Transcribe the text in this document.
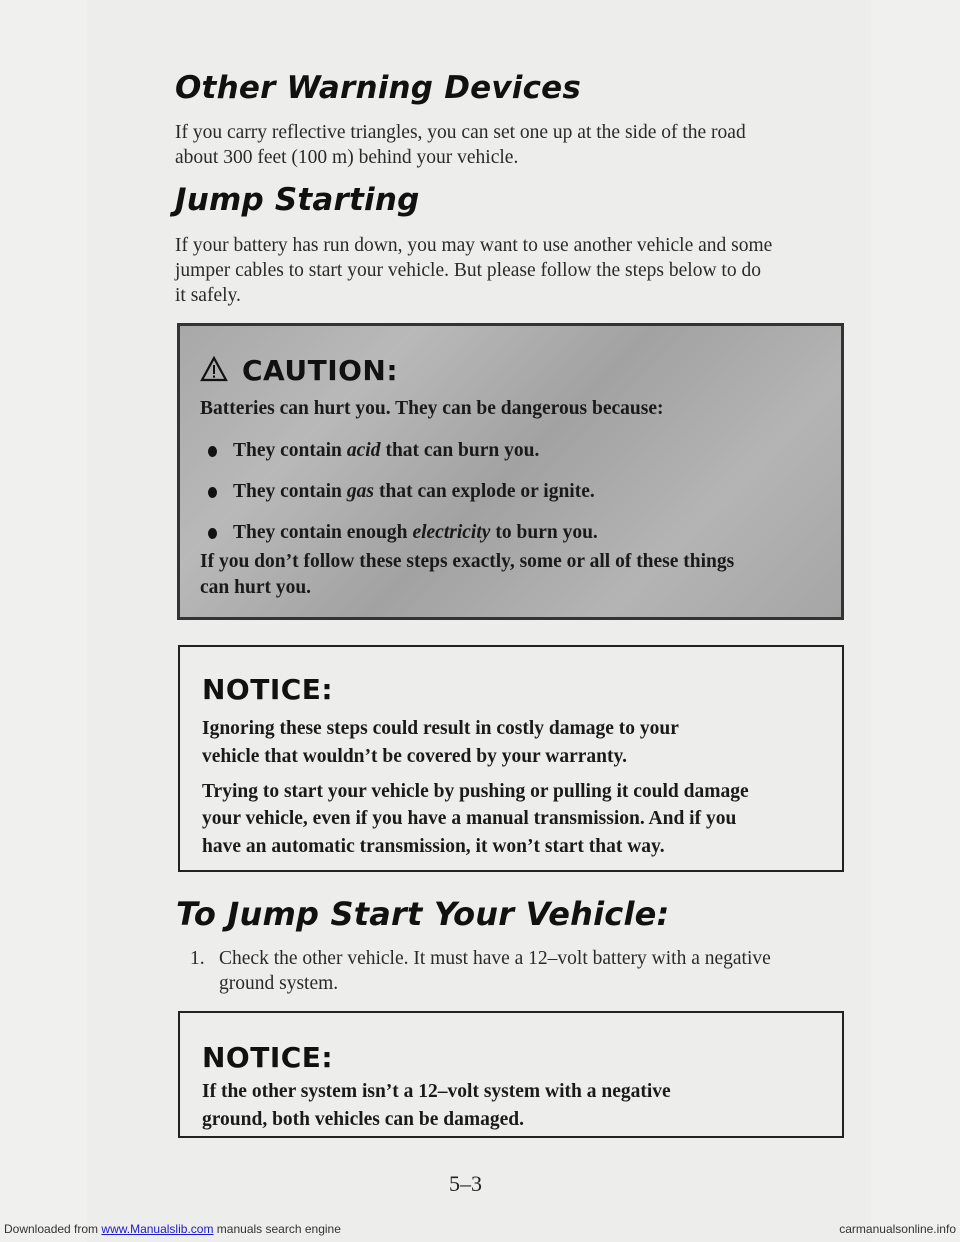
Other Warning Devices

If you carry reflective triangles, you can set one up at the side of the road

about 300 feet (100 m) behind your vehicle.

Jump Starting

If your battery has run down, you may want to use another vehicle and some

jumper cables to start your vehicle. But please follow the steps below to do

it safely.

CAUTION:

Batteries can hurt you. They can be dangerous because:

They contain acid that can burn you.
They contain gas that can explode or ignite.
They contain enough electricity to burn you.

If you don’t follow these steps exactly, some or all of these things

can hurt you.

NOTICE:

Ignoring these steps could result in costly damage to your

vehicle that wouldn’t be covered by your warranty.

Trying to start your vehicle by pushing or pulling it could damage

your vehicle, even if you have a manual transmission. And if you

have an automatic transmission, it won’t start that way.

To Jump Start Your Vehicle:
1. Check the other vehicle. It must have a 12–volt battery with a negative
ground system.
NOTICE:

If the other system isn’t a 12–volt system with a negative

ground, both vehicles can be damaged.

5–3
Downloaded from www.Manualslib.com manuals search engine	carmanualsonline.info
